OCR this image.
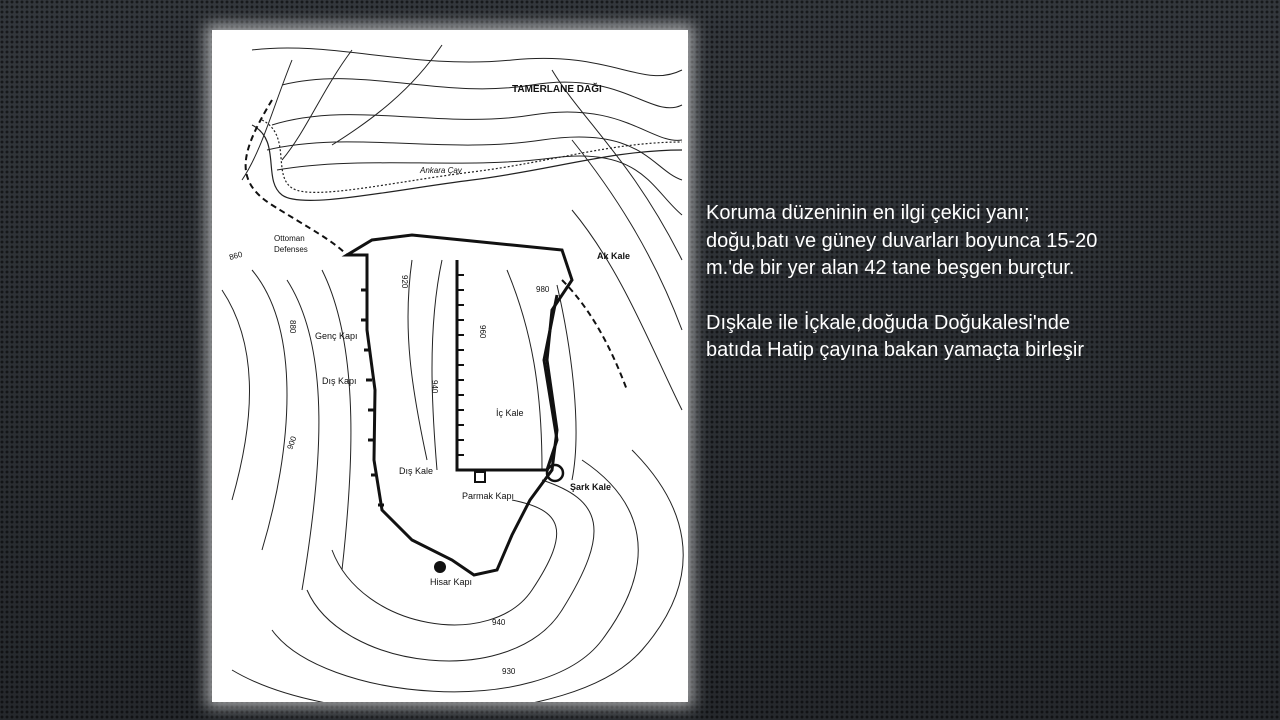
TAMERLANE DAĞI
Ankara Çay
Ottoman
Defenses
Ak Kale
Genç Kapı
Dış Kapı
İç Kale
Dış Kale
Parmak Kapı
Şark Kale
Hisar Kapı
860
880
900
920
940
960
980
940
930

Koruma düzeninin en ilgi çekici yanı; doğu,batı ve güney duvarları boyunca 15-20 m.'de bir yer alan 42 tane beşgen burçtur.

Dışkale ile İçkale,doğuda Doğukalesi'nde batıda Hatip çayına bakan yamaçta birleşir
